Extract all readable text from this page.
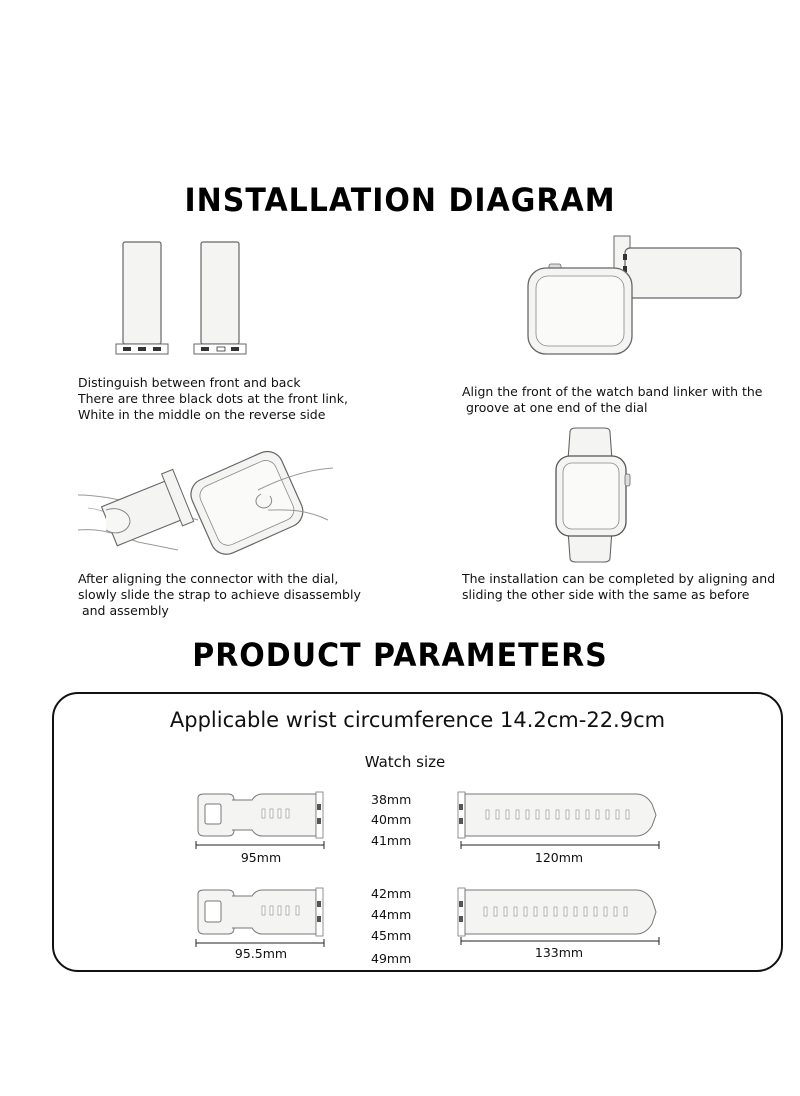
INSTALLATION DIAGRAM
Distinguish between front and back
There are three black dots at the front link,
White in the middle on the reverse side
Align the front of the watch band linker with the
groove at one end of the dial
After aligning the connector with the dial,
slowly slide the strap to achieve disassembly
and assembly
The installation can be completed by aligning and
sliding the other side with the same as before
PRODUCT PARAMETERS
Applicable wrist circumference 14.2cm-22.9cm
Watch size
95mm
38mm
40mm
41mm
120mm
95.5mm
42mm
44mm
45mm
49mm	133mm
